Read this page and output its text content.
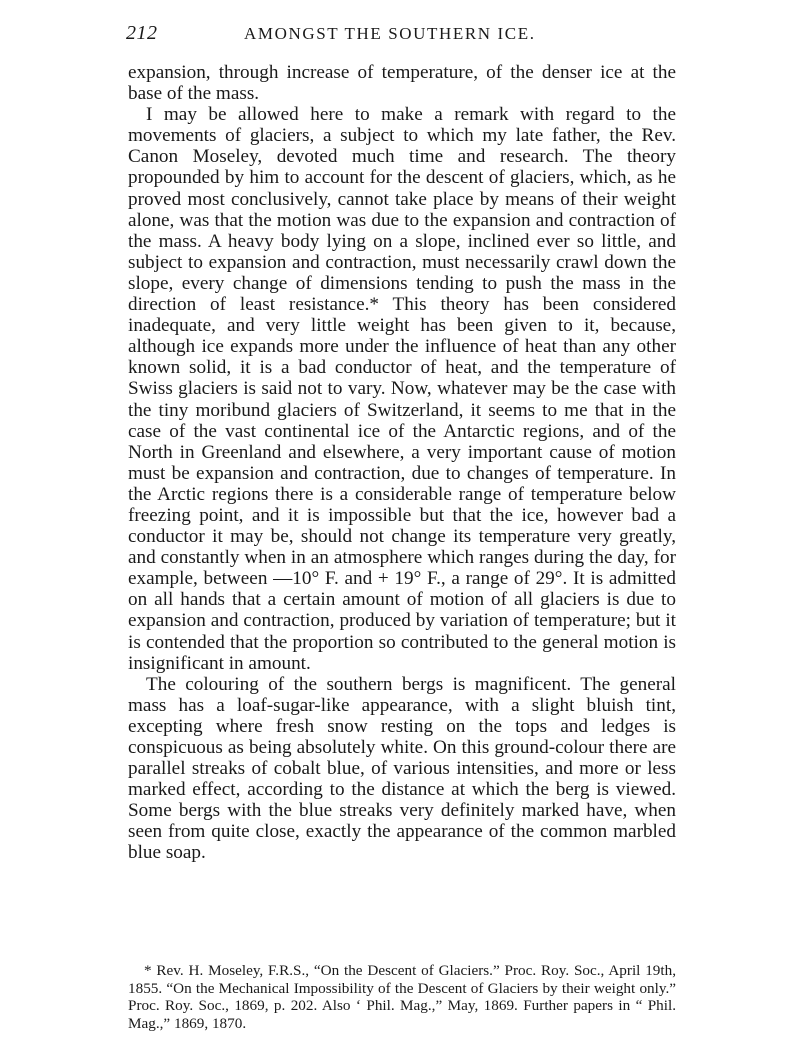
212	AMONGST THE SOUTHERN ICE.

expansion, through increase of temperature, of the denser ice at the base of the mass.

I may be allowed here to make a remark with regard to the movements of glaciers, a subject to which my late father, the Rev. Canon Moseley, devoted much time and research. The theory propounded by him to account for the descent of glaciers, which, as he proved most conclusively, cannot take place by means of their weight alone, was that the motion was due to the expansion and contraction of the mass. A heavy body lying on a slope, inclined ever so little, and subject to expansion and contraction, must necessarily crawl down the slope, every change of dimensions tending to push the mass in the direction of least resistance.* This theory has been considered inadequate, and very little weight has been given to it, because, although ice expands more under the influence of heat than any other known solid, it is a bad conductor of heat, and the temperature of Swiss glaciers is said not to vary. Now, whatever may be the case with the tiny moribund glaciers of Switzerland, it seems to me that in the case of the vast continental ice of the Antarctic regions, and of the North in Greenland and elsewhere, a very important cause of motion must be expansion and contraction, due to changes of temperature. In the Arctic regions there is a considerable range of temperature below freezing point, and it is impossible but that the ice, however bad a conductor it may be, should not change its temperature very greatly, and constantly when in an atmosphere which ranges during the day, for example, between —10° F. and + 19° F., a range of 29°. It is admitted on all hands that a certain amount of motion of all glaciers is due to expansion and contraction, produced by variation of temperature; but it is contended that the proportion so contributed to the general motion is insignificant in amount.

The colouring of the southern bergs is magnificent. The general mass has a loaf-sugar-like appearance, with a slight bluish tint, excepting where fresh snow resting on the tops and ledges is conspicuous as being absolutely white. On this ground-colour there are parallel streaks of cobalt blue, of various intensities, and more or less marked effect, according to the distance at which the berg is viewed. Some bergs with the blue streaks very definitely marked have, when seen from quite close, exactly the appearance of the common marbled blue soap.

* Rev. H. Moseley, F.R.S., “On the Descent of Glaciers.” Proc. Roy. Soc., April 19th, 1855. “On the Mechanical Impossibility of the Descent of Glaciers by their weight only.” Proc. Roy. Soc., 1869, p. 202. Also ‘ Phil. Mag.,” May, 1869. Further papers in “ Phil. Mag.,” 1869, 1870.
